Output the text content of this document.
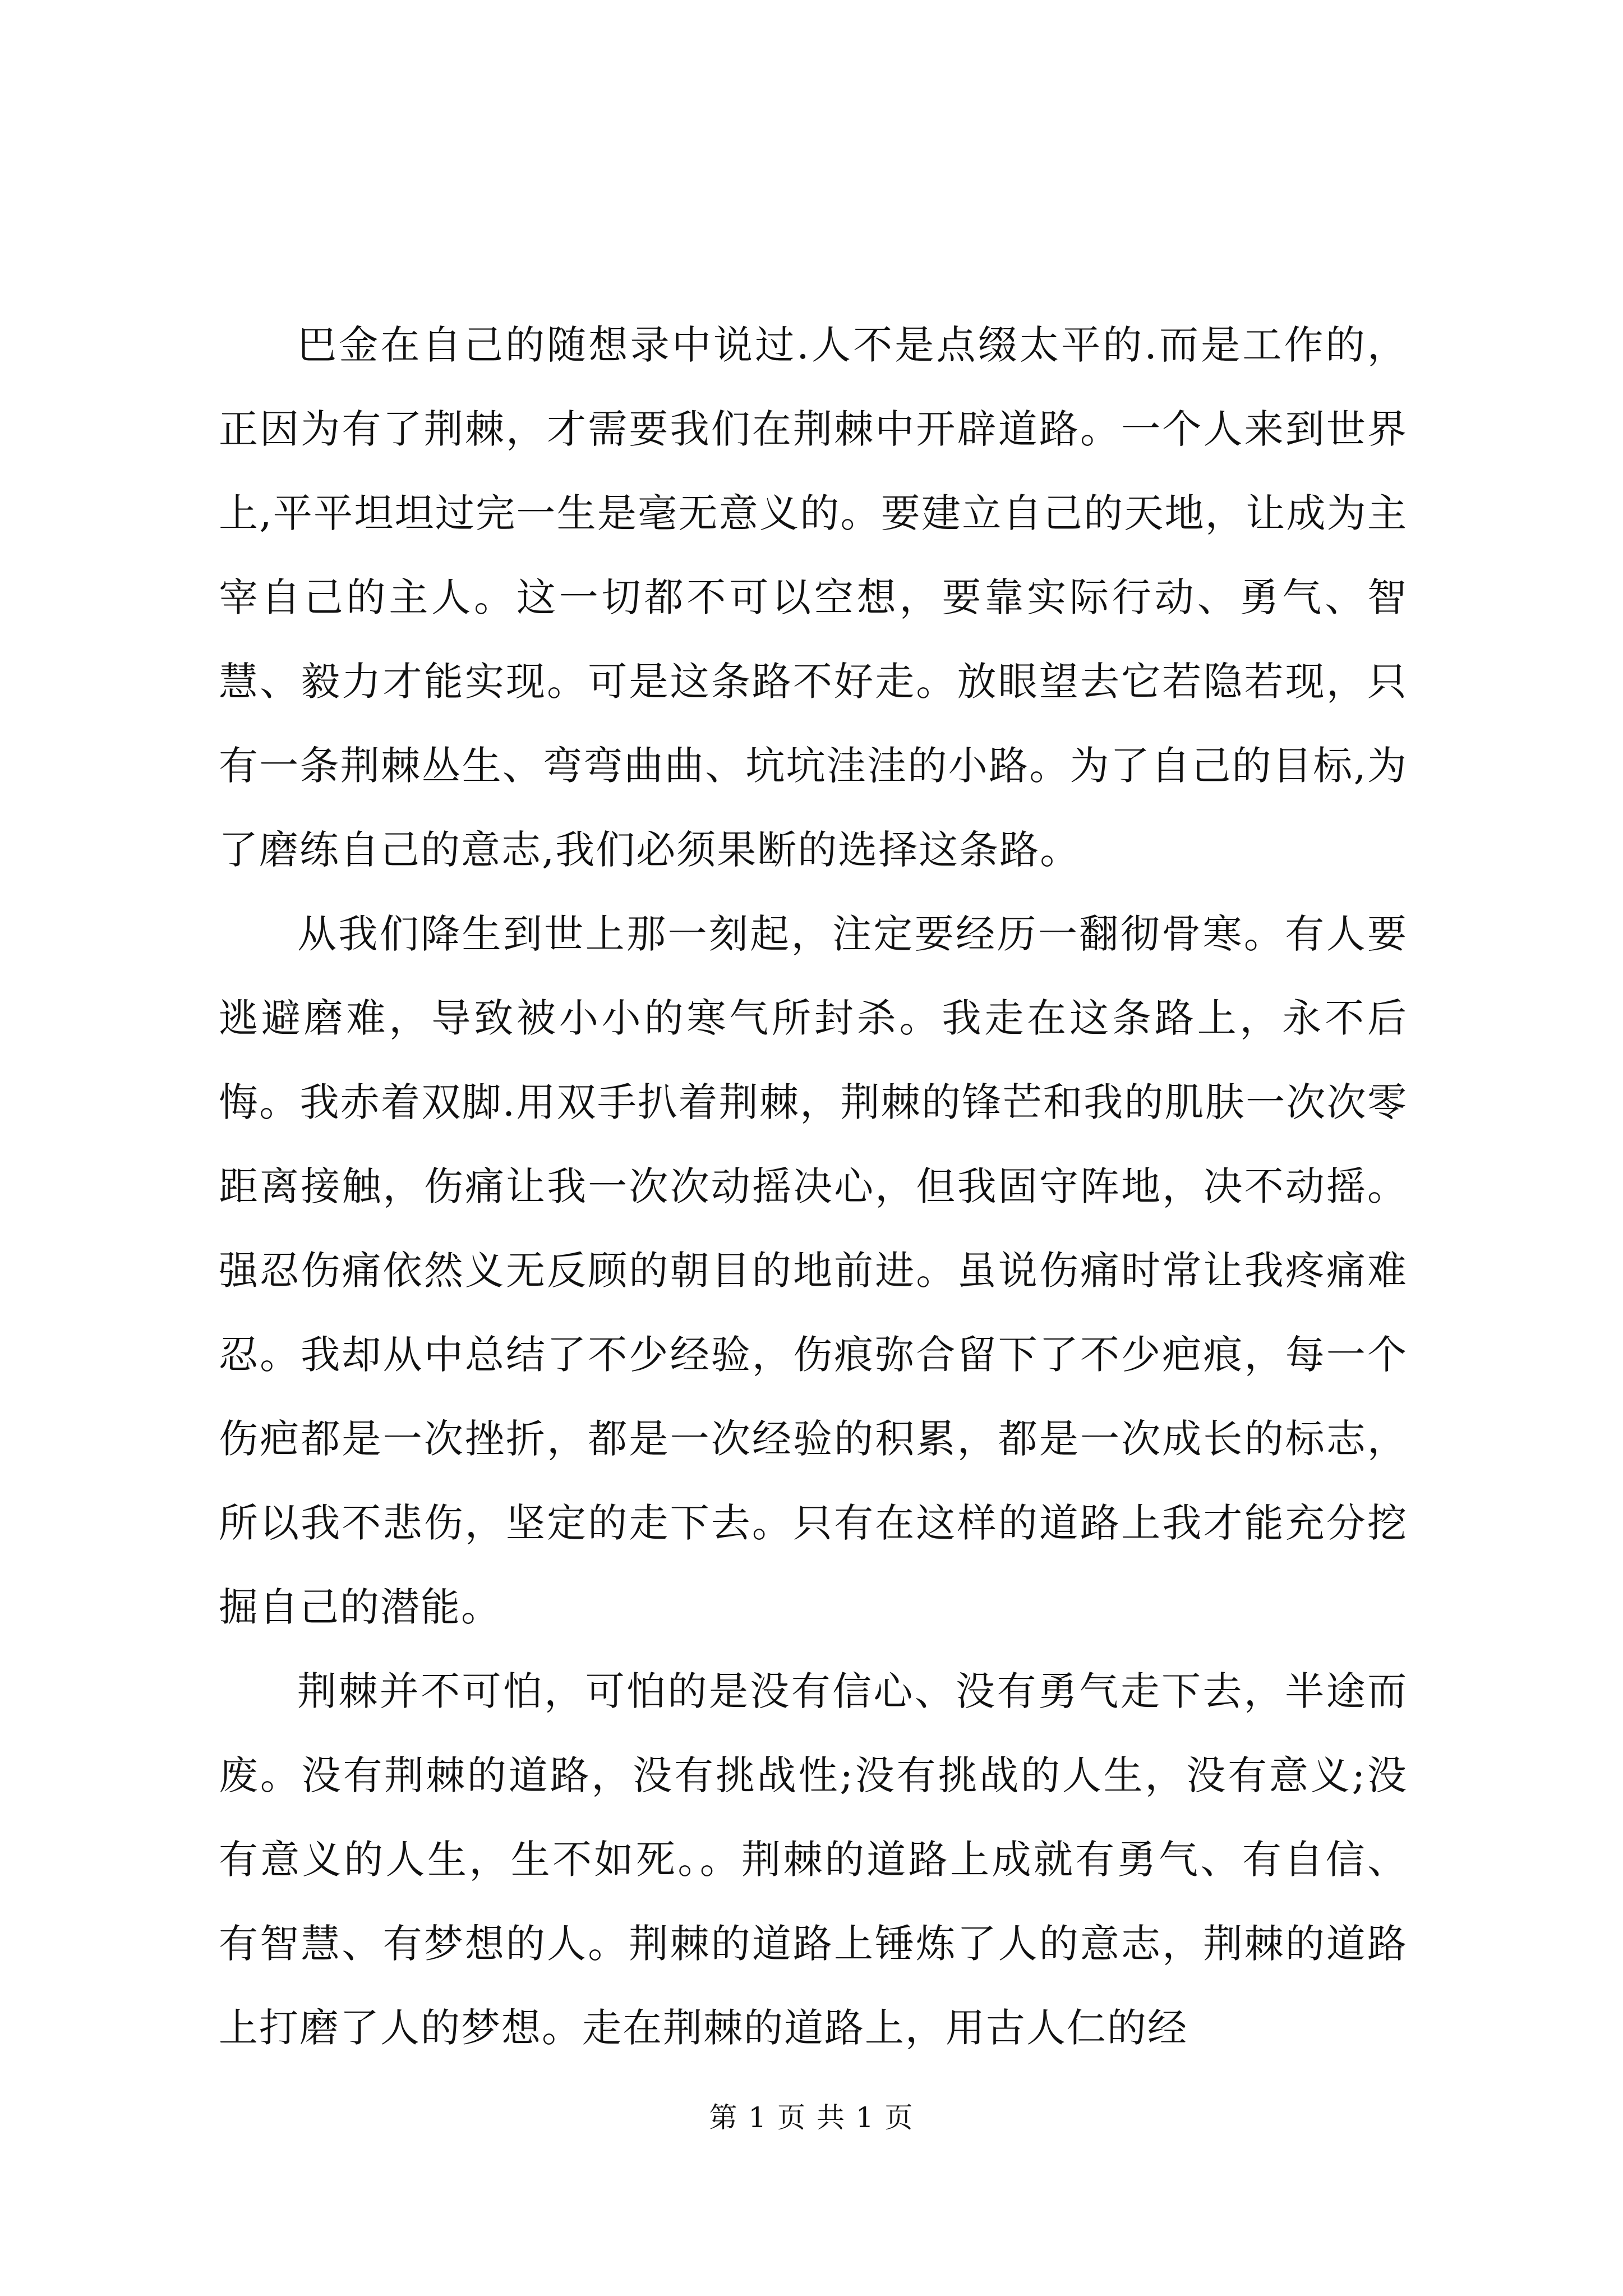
巴金在自己的随想录中说过.人不是点缀太平的.而是工作的，正因为有了荆棘，才需要我们在荆棘中开辟道路。一个人来到世界上,平平坦坦过完一生是毫无意义的。要建立自己的天地，让成为主宰自己的主人。这一切都不可以空想，要靠实际行动、勇气、智慧、毅力才能实现。可是这条路不好走。放眼望去它若隐若现，只有一条荆棘丛生、弯弯曲曲、坑坑洼洼的小路。为了自己的目标,为了磨练自己的意志,我们必须果断的选择这条路。

从我们降生到世上那一刻起，注定要经历一翻彻骨寒。有人要逃避磨难，导致被小小的寒气所封杀。我走在这条路上，永不后悔。我赤着双脚.用双手扒着荆棘，荆棘的锋芒和我的肌肤一次次零距离接触，伤痛让我一次次动摇决心，但我固守阵地，决不动摇。强忍伤痛依然义无反顾的朝目的地前进。虽说伤痛时常让我疼痛难忍。我却从中总结了不少经验，伤痕弥合留下了不少疤痕，每一个伤疤都是一次挫折，都是一次经验的积累，都是一次成长的标志，所以我不悲伤，坚定的走下去。只有在这样的道路上我才能充分挖掘自己的潜能。

荆棘并不可怕，可怕的是没有信心、没有勇气走下去，半途而废。没有荆棘的道路，没有挑战性;没有挑战的人生，没有意义;没有意义的人生，生不如死。。荆棘的道路上成就有勇气、有自信、有智慧、有梦想的人。荆棘的道路上锤炼了人的意志，荆棘的道路上打磨了人的梦想。走在荆棘的道路上，用古人仁的经

第 1 页 共 1 页
